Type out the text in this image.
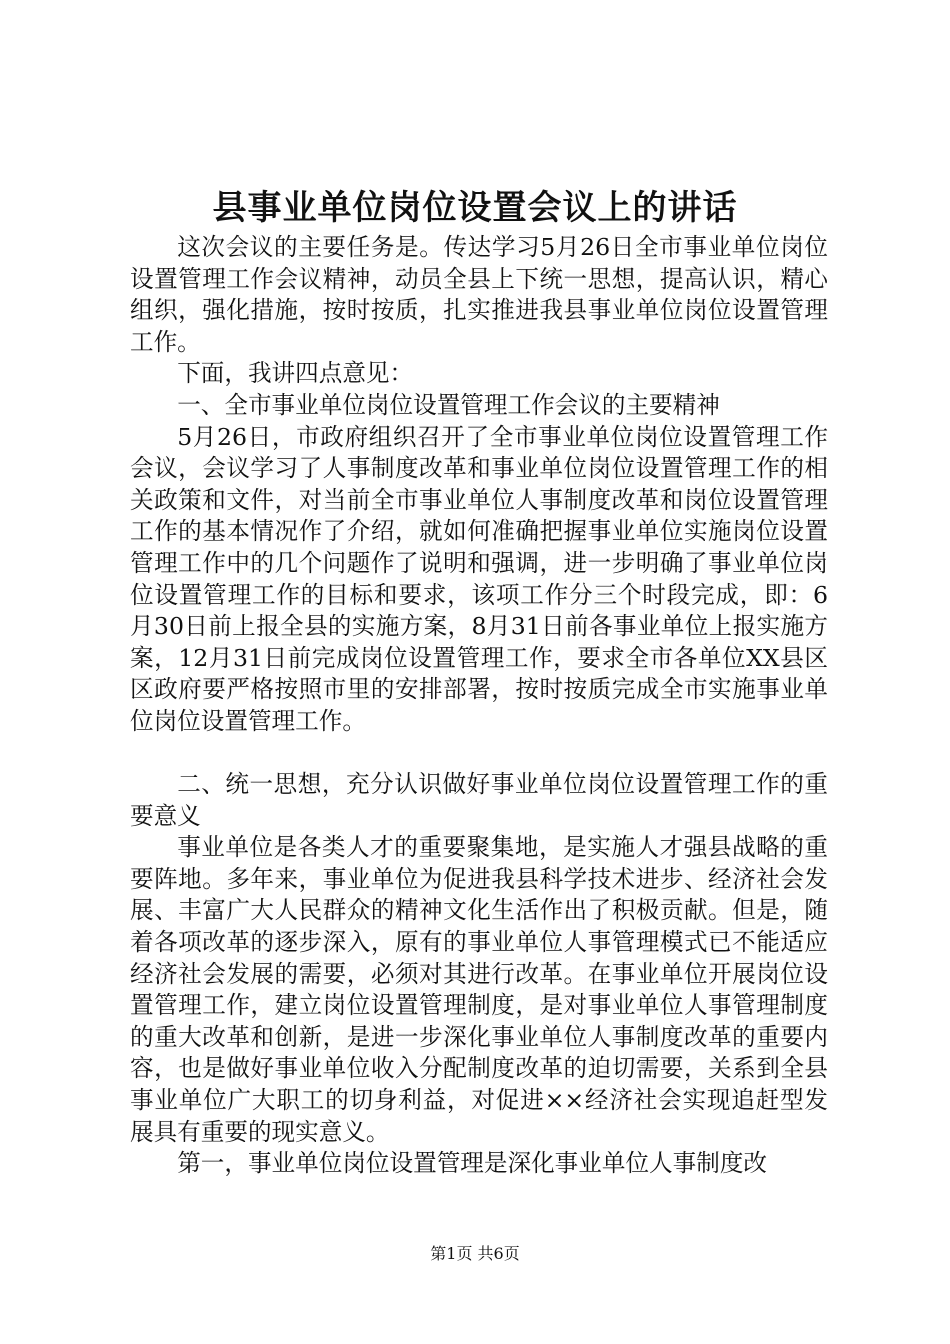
县事业单位岗位设置会议上的讲话

这次会议的主要任务是。传达学习5月26日全市事业单位岗位设置管理工作会议精神，动员全县上下统一思想，提高认识，精心组织，强化措施，按时按质，扎实推进我县事业单位岗位设置管理工作。

下面，我讲四点意见：

一、全市事业单位岗位设置管理工作会议的主要精神

5月26日，市政府组织召开了全市事业单位岗位设置管理工作会议，会议学习了人事制度改革和事业单位岗位设置管理工作的相关政策和文件，对当前全市事业单位人事制度改革和岗位设置管理工作的基本情况作了介绍，就如何准确把握事业单位实施岗位设置管理工作中的几个问题作了说明和强调，进一步明确了事业单位岗位设置管理工作的目标和要求，该项工作分三个时段完成，即：6月30日前上报全县的实施方案，8月31日前各事业单位上报实施方案，12月31日前完成岗位设置管理工作，要求全市各单位XX县区区政府要严格按照市里的安排部署，按时按质完成全市实施事业单位岗位设置管理工作。

二、统一思想，充分认识做好事业单位岗位设置管理工作的重要意义

事业单位是各类人才的重要聚集地，是实施人才强县战略的重要阵地。多年来，事业单位为促进我县科学技术进步、经济社会发展、丰富广大人民群众的精神文化生活作出了积极贡献。但是，随着各项改革的逐步深入，原有的事业单位人事管理模式已不能适应经济社会发展的需要，必须对其进行改革。在事业单位开展岗位设置管理工作，建立岗位设置管理制度，是对事业单位人事管理制度的重大改革和创新，是进一步深化事业单位人事制度改革的重要内容，也是做好事业单位收入分配制度改革的迫切需要，关系到全县事业单位广大职工的切身利益，对促进××经济社会实现追赶型发展具有重要的现实意义。

第一，事业单位岗位设置管理是深化事业单位人事制度改

第1页 共6页
